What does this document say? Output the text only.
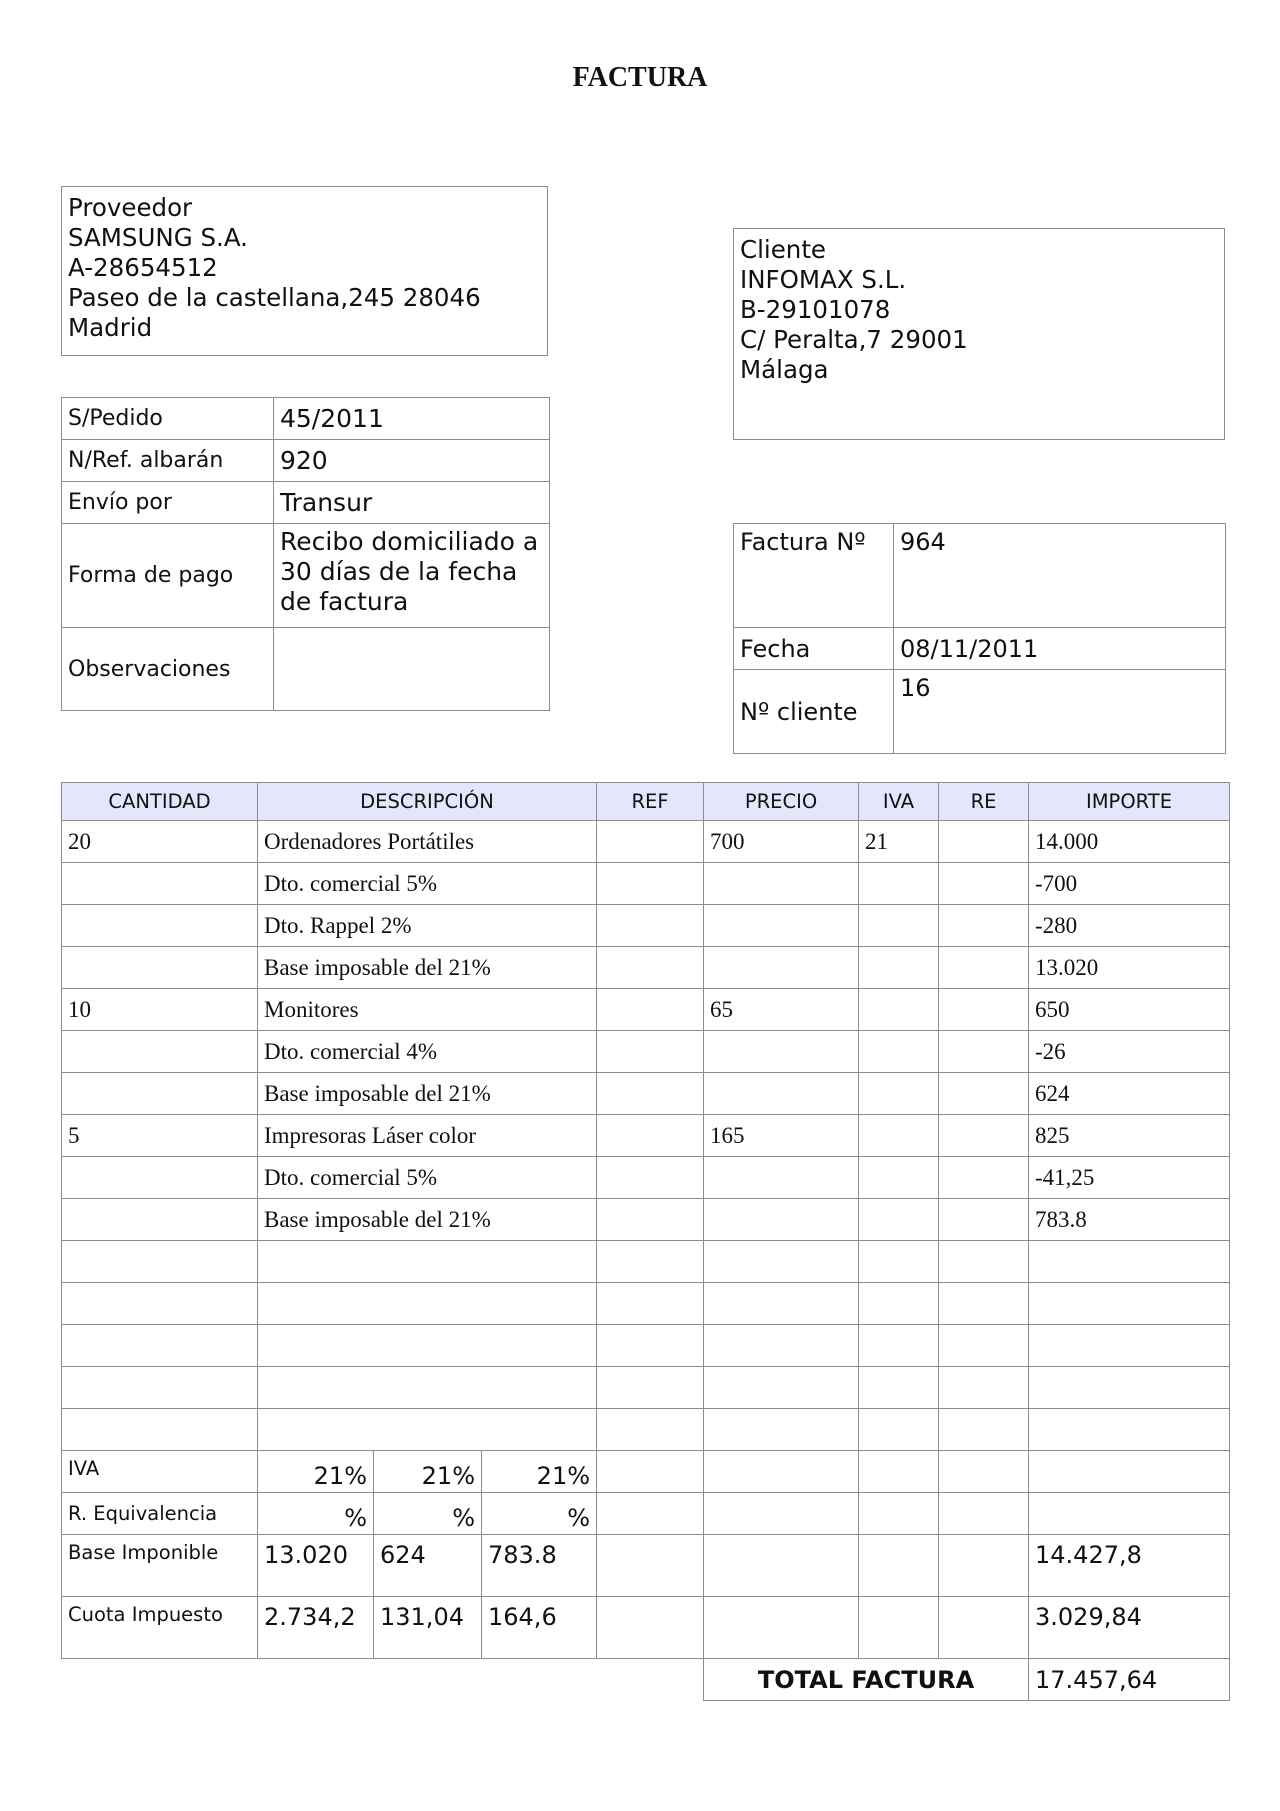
FACTURA
Proveedor
SAMSUNG S.A.
A-28654512
Paseo de la castellana,245 28046
Madrid
Cliente
INFOMAX S.L.
B-29101078
C/ Peralta,7 29001
Málaga
S/Pedido	45/2011
N/Ref. albarán	920
Envío por	Transur
Forma de pago	Recibo domiciliado a 30 días de la fecha de factura
Observaciones	
Factura Nº	964
Fecha	08/11/2011
Nº cliente	16
CANTIDAD	DESCRIPCIÓN			REF	PRECIO	IVA	RE	IMPORTE
20	Ordenadores Portátiles				700	21		14.000
	Dto. comercial 5%							-700
	Dto. Rappel 2%							-280
	Base imposable del 21%							13.020
10	Monitores				65			650
	Dto. comercial 4%							-26
	Base imposable del 21%							624
5	Impresoras Láser color				165			825
	Dto. comercial 5%							-41,25
	Base imposable del 21%							783.8

IVA	21%	21%	21%					
R. Equivalencia	%	%	%					
Base Imponible	13.020	624	783.8					14.427,8
Cuota Impuesto	2.734,2	131,04	164,6					3.029,84
					TOTAL FACTURA			17.457,64
